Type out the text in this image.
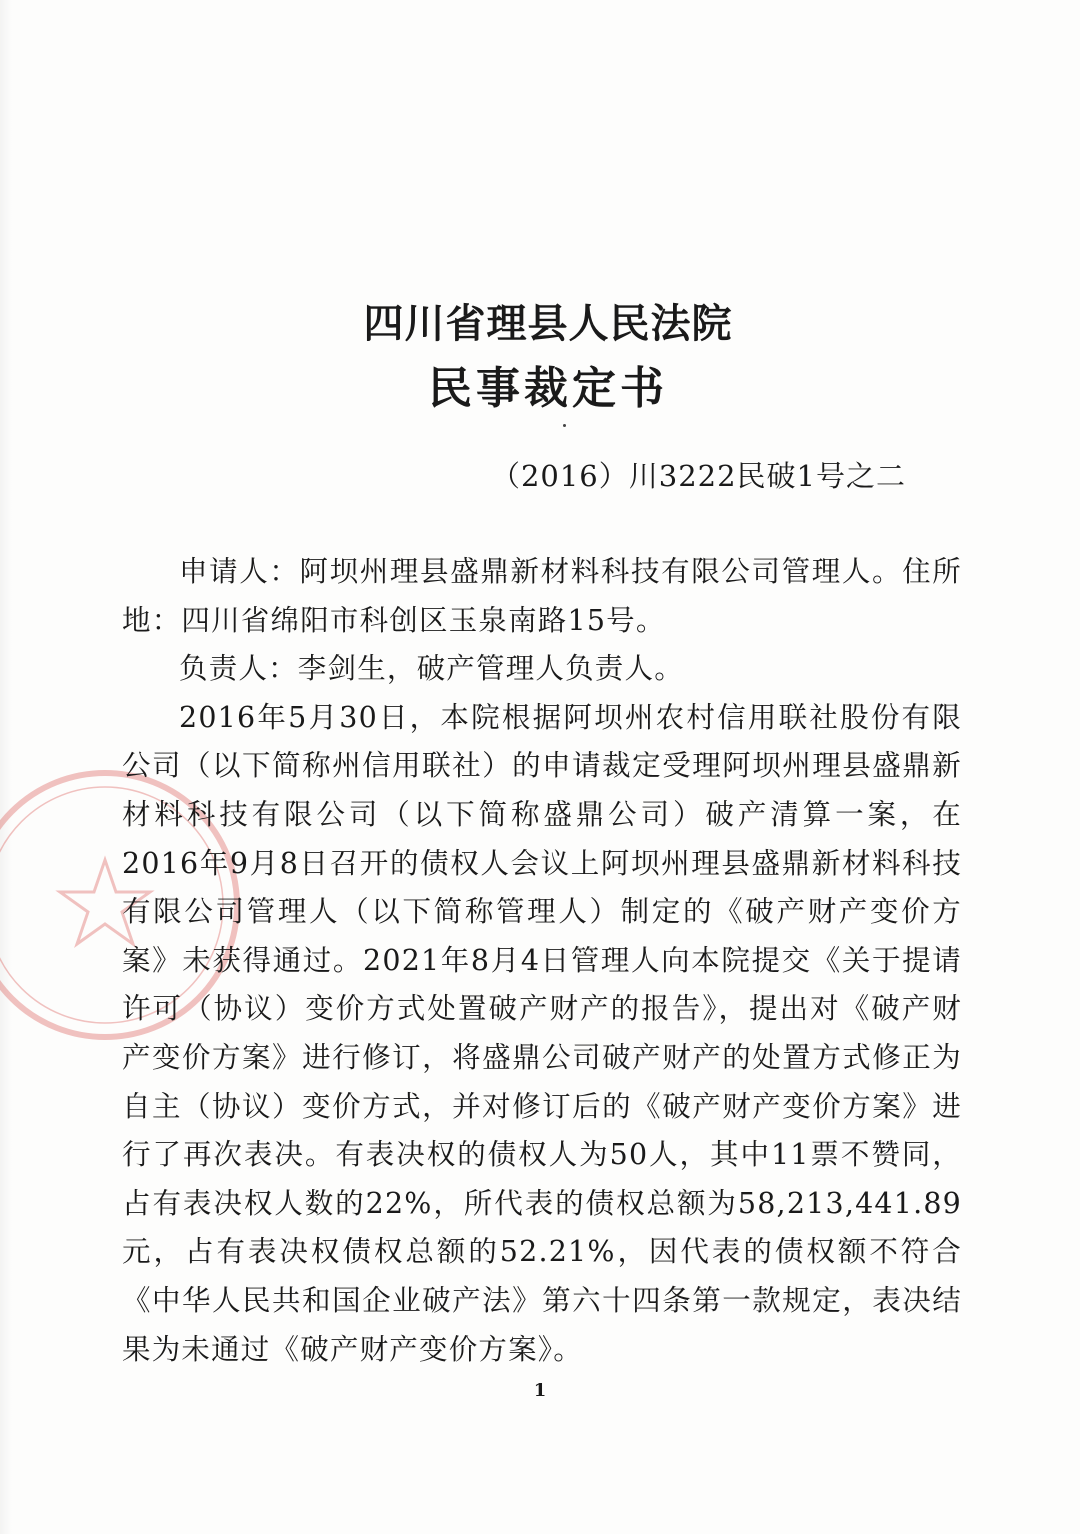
四川省理县人民法院
民事裁定书
（2016）川3222民破1号之二

申请人：阿坝州理县盛鼎新材料科技有限公司管理人。住所地：四川省绵阳市科创区玉泉南路15号。

负责人：李剑生，破产管理人负责人。

2016年5月30日，本院根据阿坝州农村信用联社股份有限公司（以下简称州信用联社）的申请裁定受理阿坝州理县盛鼎新材料科技有限公司（以下简称盛鼎公司）破产清算一案，在2016年9月8日召开的债权人会议上阿坝州理县盛鼎新材料科技有限公司管理人（以下简称管理人）制定的《破产财产变价方案》未获得通过。2021年8月4日管理人向本院提交《关于提请许可（协议）变价方式处置破产财产的报告》，提出对《破产财产变价方案》进行修订，将盛鼎公司破产财产的处置方式修正为自主（协议）变价方式，并对修订后的《破产财产变价方案》进行了再次表决。有表决权的债权人为50人，其中11票不赞同，占有表决权人数的22%，所代表的债权总额为58,213,441.89元，占有表决权债权总额的52.21%，因代表的债权额不符合《中华人民共和国企业破产法》第六十四条第一款规定，表决结果为未通过《破产财产变价方案》。

1
